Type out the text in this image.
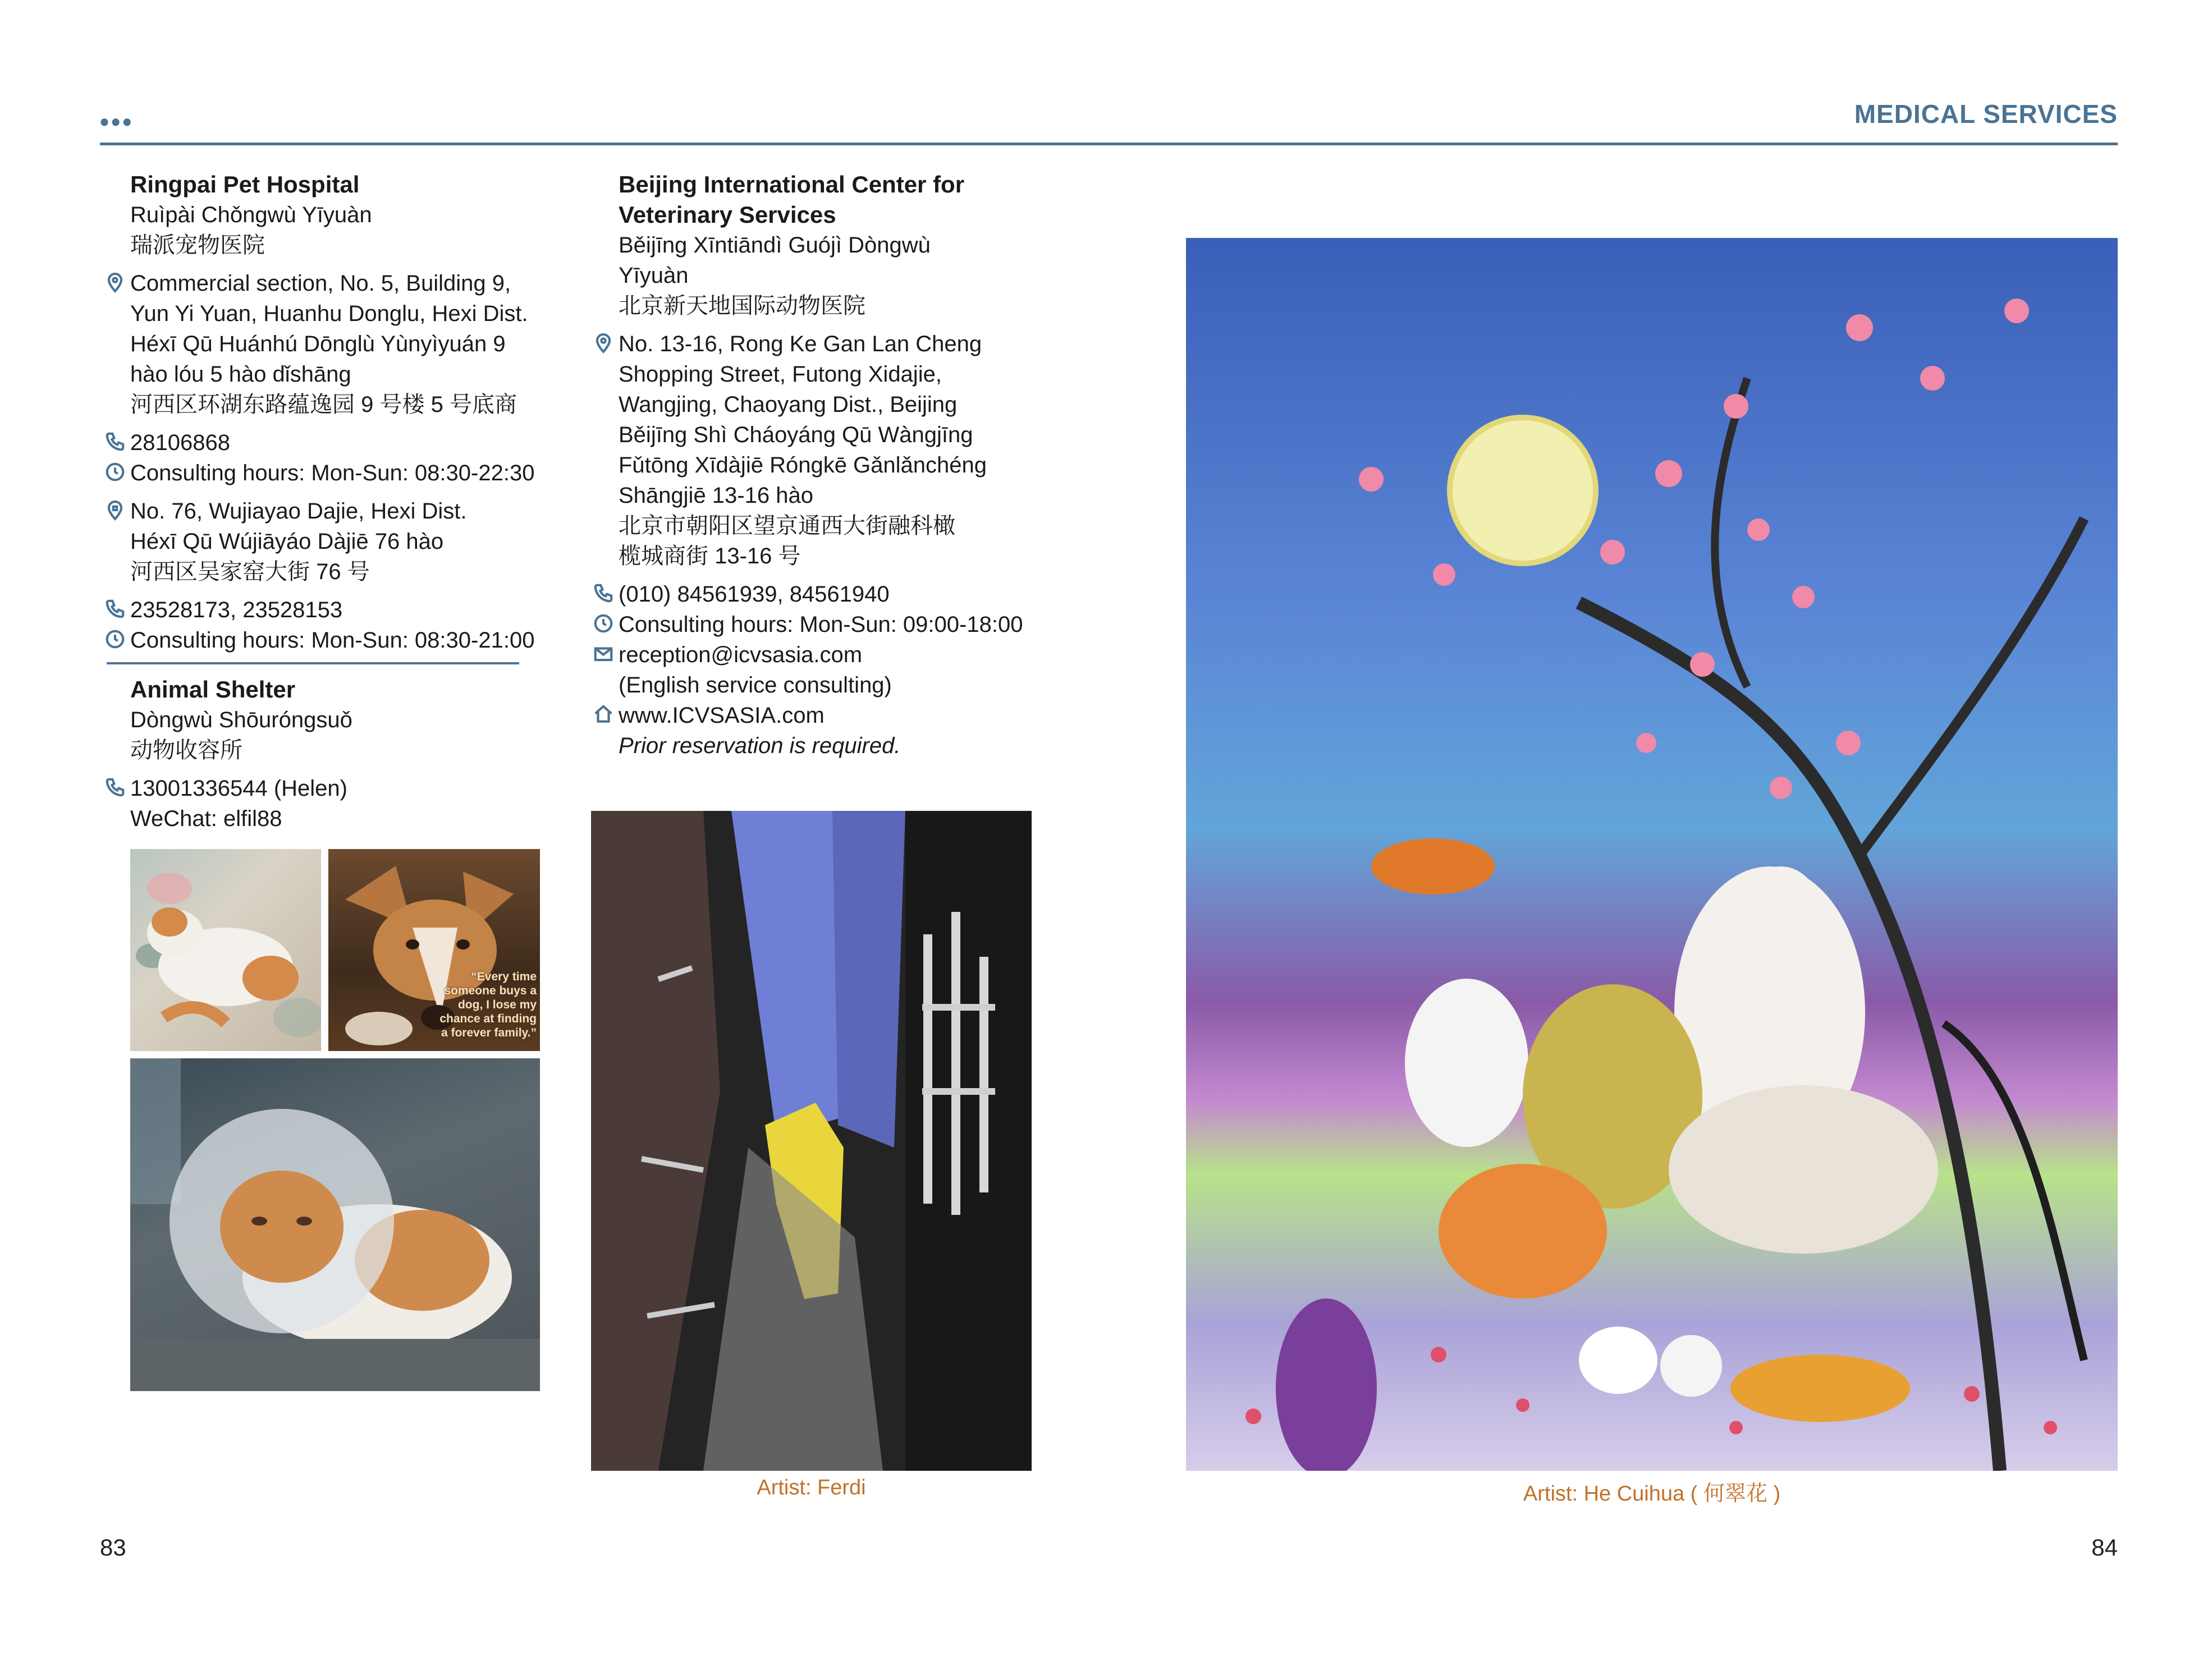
•••	MEDICAL SERVICES
Ringpai Pet Hospital
Ruìpài Chǒngwù Yīyuàn
瑞派宠物医院
Commercial section, No. 5, Building 9,
Yun Yi Yuan, Huanhu Donglu, Hexi Dist.
Héxī Qū Huánhú Dōnglù Yùnyìyuán 9
hào lóu 5 hào dǐshāng
河西区环湖东路蕴逸园 9 号楼 5 号底商
28106868
Consulting hours: Mon-Sun: 08:30-22:30
No. 76, Wujiayao Dajie, Hexi Dist.
Héxī Qū Wújiāyáo Dàjiē 76 hào
河西区吴家窑大街 76 号
23528173, 23528153
Consulting hours: Mon-Sun: 08:30-21:00
Animal Shelter
Dòngwù Shōuróngsuǒ
动物收容所
13001336544 (Helen)
WeChat: elfil88
“Every time
someone buys a
dog, I lose my
chance at finding
a forever family.”
Beijing International Center for
Veterinary Services
Běijīng Xīntiāndì Guójì Dòngwù
Yīyuàn
北京新天地国际动物医院
No. 13-16, Rong Ke Gan Lan Cheng
Shopping Street, Futong Xidajie,
Wangjing, Chaoyang Dist., Beijing
Běijīng Shì Cháoyáng Qū Wàngjīng
Fǔtōng Xīdàjiē Róngkē Gǎnlǎnchéng
Shāngjiē 13-16 hào
北京市朝阳区望京通西大街融科橄
榄城商街 13-16 号
(010) 84561939, 84561940
Consulting hours: Mon-Sun: 09:00-18:00
reception@icvsasia.com
(English service consulting)
www.ICVSASIA.com
Prior reservation is required.
Artist: Ferdi	Artist: He Cuihua ( 何翠花 )
83	84
